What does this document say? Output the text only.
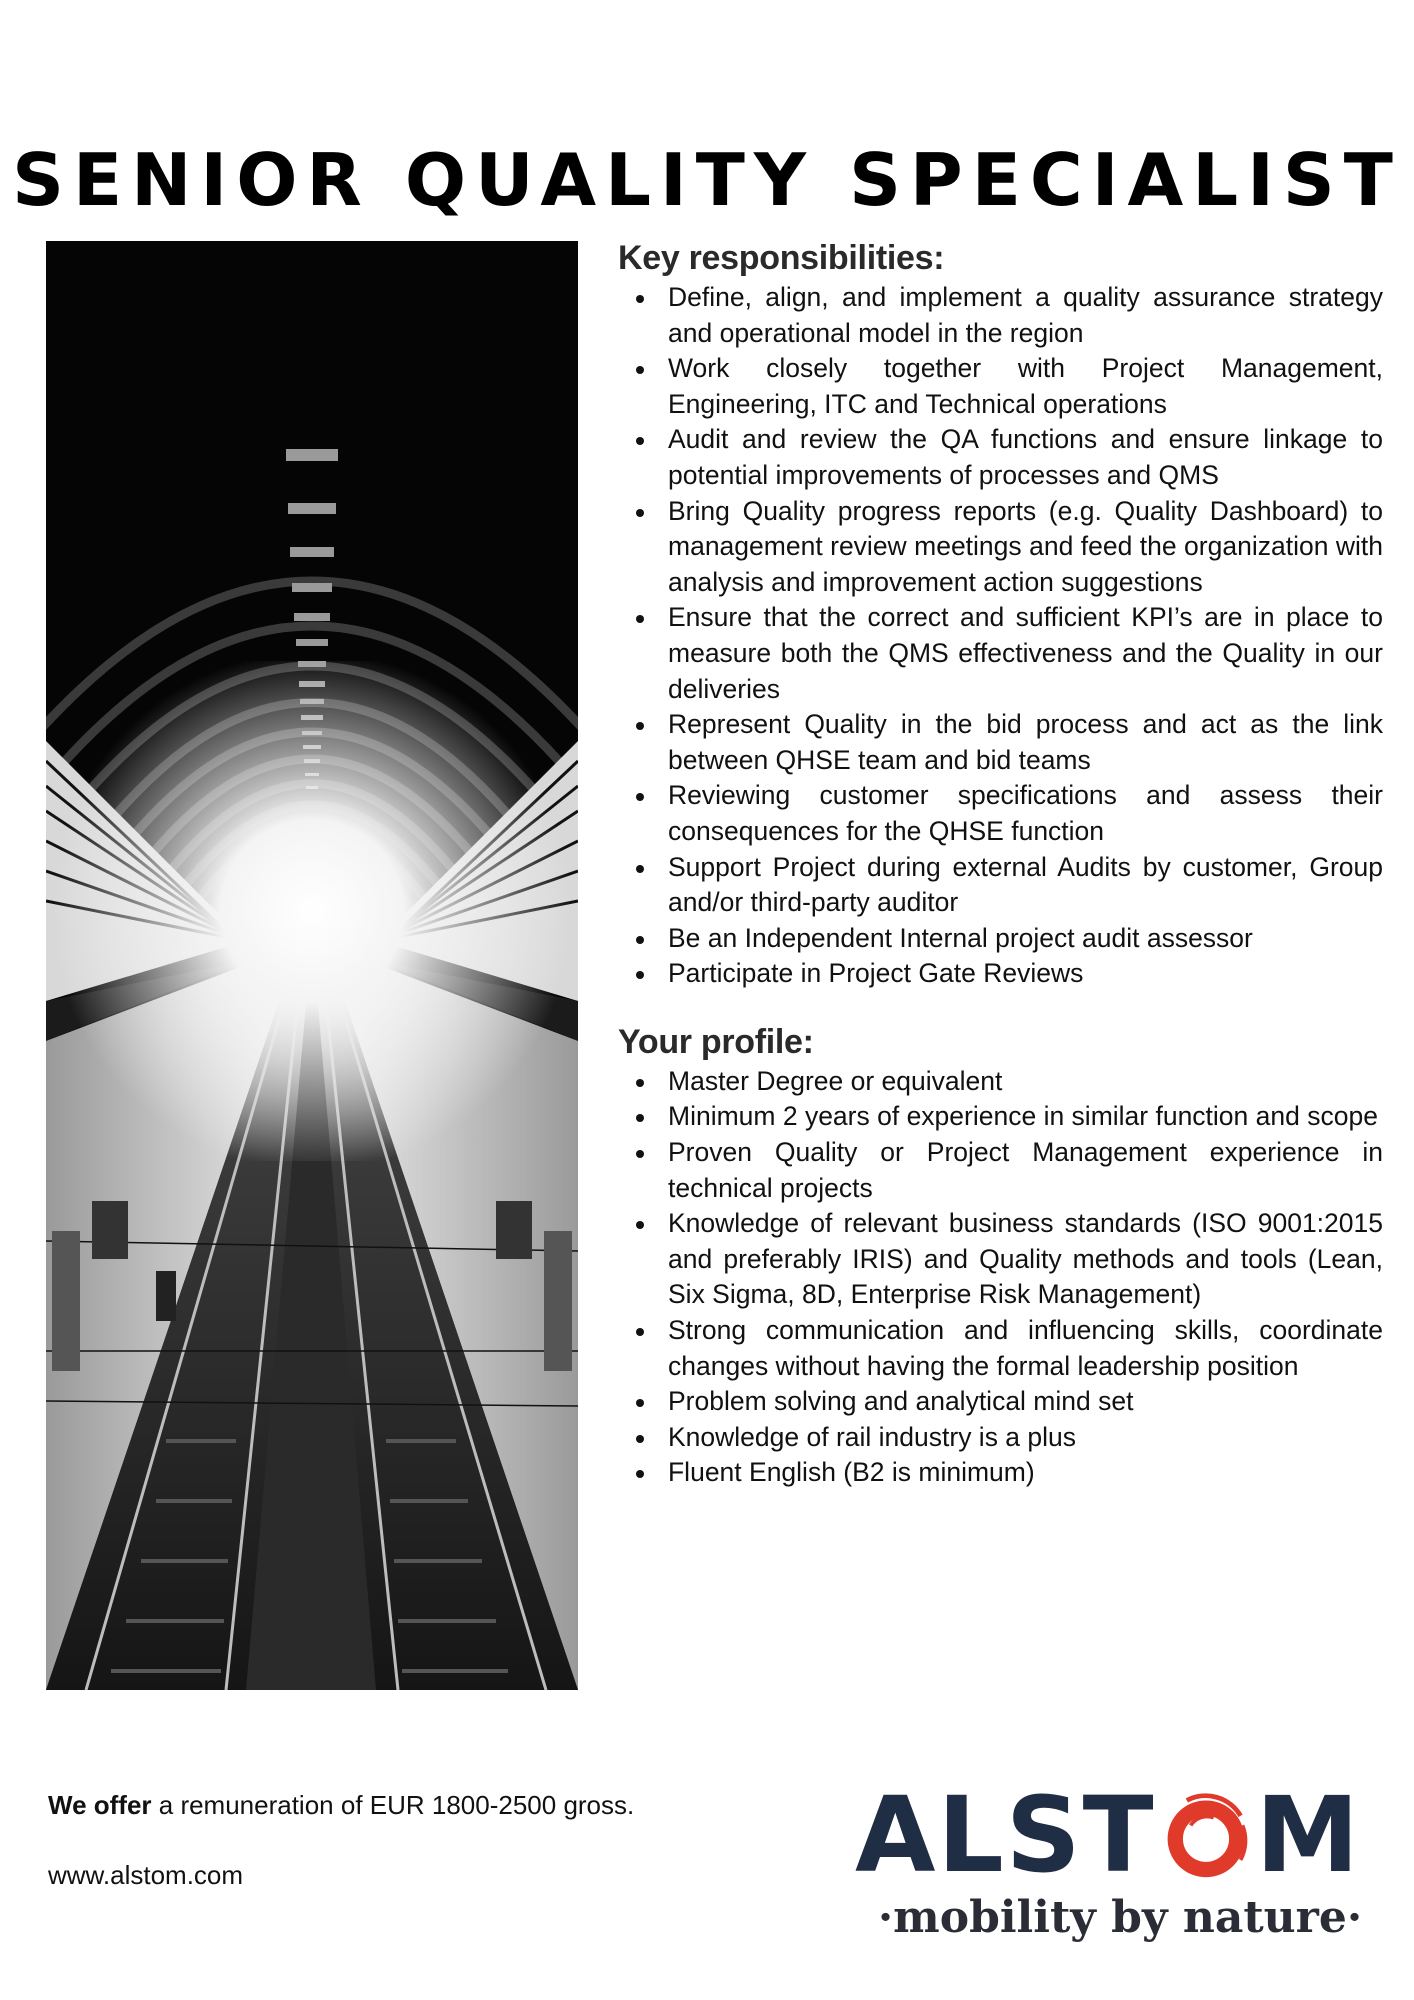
SENIOR QUALITY SPECIALIST
Key responsibilities:
Define, align, and implement a quality assurance strategy and operational model in the region
Work closely together with Project Management, Engineering, ITC and Technical operations
Audit and review the QA functions and ensure linkage to potential improvements of processes and QMS
Bring Quality progress reports (e.g. Quality Dashboard) to management review meetings and feed the organization with analysis and improvement action suggestions
Ensure that the correct and sufficient KPI’s are in place to measure both the QMS effectiveness and the Quality in our deliveries
Represent Quality in the bid process and act as the link between QHSE team and bid teams
Reviewing customer specifications and assess their consequences for the QHSE function
Support Project during external Audits by customer, Group and/or third-party auditor
Be an Independent Internal project audit assessor
Participate in Project Gate Reviews
Your profile:
Master Degree or equivalent
Minimum 2 years of experience in similar function and scope
Proven Quality or Project Management experience in technical projects
Knowledge of relevant business standards (ISO 9001:2015 and preferably IRIS) and Quality methods and tools (Lean, Six Sigma, 8D, Enterprise Risk Management)
Strong communication and influencing skills, coordinate changes without having the formal leadership position
Problem solving and analytical mind set
Knowledge of rail industry is a plus
Fluent English (B2 is minimum)
We offer a remuneration of EUR 1800-2500 gross.
www.alstom.com	ALST M
·mobility by nature·
